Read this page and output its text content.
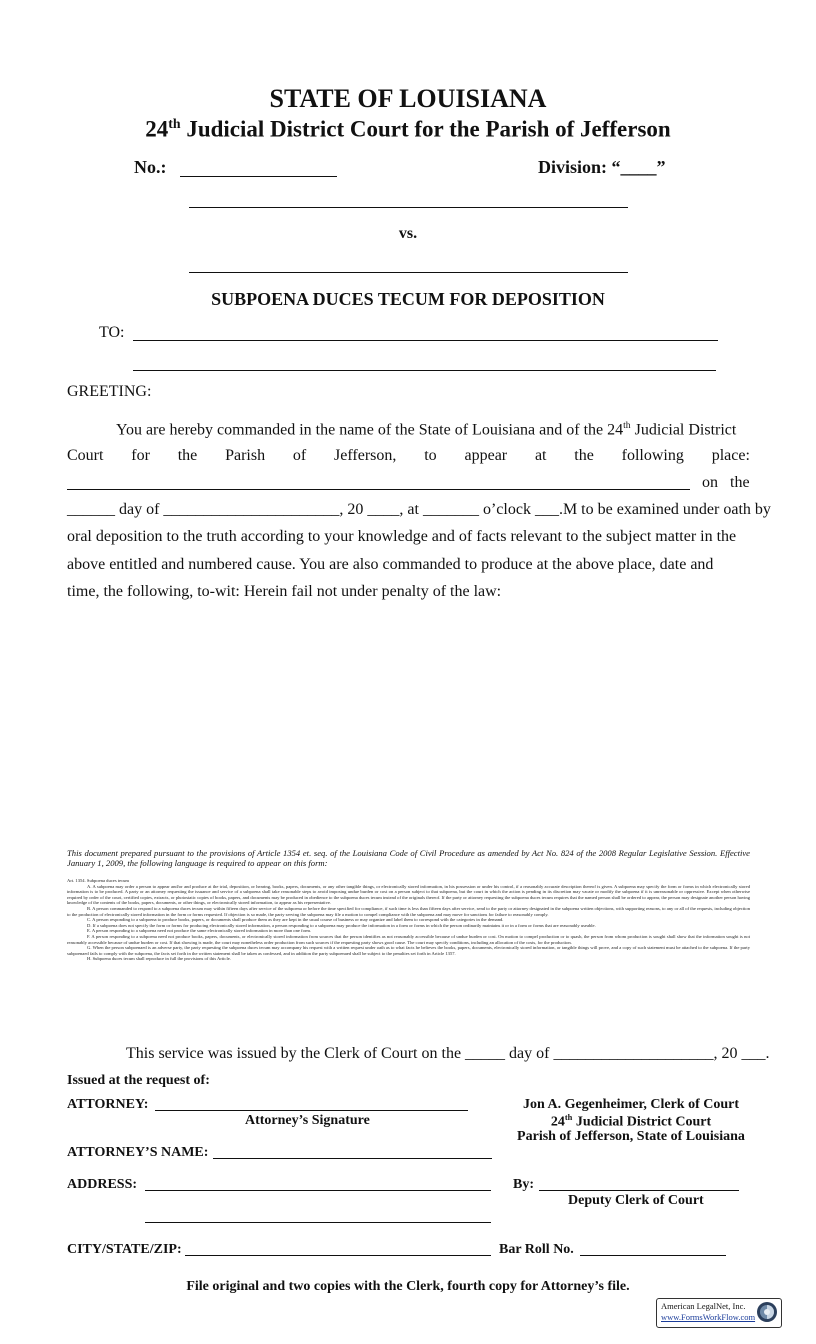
STATE OF LOUISIANA
24th Judicial District Court for the Parish of Jefferson
No.:	Division: “____”
vs.
SUBPOENA DUCES TECUM FOR DEPOSITION
TO:
GREETING:
You are hereby commanded in the name of the State of Louisiana and of the 24th Judicial District
Court for the Parish of Jefferson, to appear at the following place:
on the
______ day of ______________________, 20 ____, at _______ o’clock ___.M to be examined under oath by
oral deposition to the truth according to your knowledge and of facts relevant to the subject matter in the
above entitled and numbered cause. You are also commanded to produce at the above place, date and
time, the following, to-wit: Herein fail not under penalty of the law:
This document prepared pursuant to the provisions of Article 1354 et. seq. of the Louisiana Code of Civil Procedure as amended by Act No. 824 of the 2008 Regular Legislative Session. Effective January 1, 2009, the following language is required to appear on this form:

Art. 1354. Subpoena duces tecum

A. A subpoena may order a person to appear and/or and produce at the trial, deposition, or hearing, books, papers, documents, or any other tangible things, or electronically stored information, in his possession or under his control, if a reasonably accurate description thereof is given. A subpoena may specify the form or forms in which electronically stored information is to be produced. A party or an attorney requesting the issuance and service of a subpoena shall take reasonable steps to avoid imposing undue burden or cost on a person subject to that subpoena, but the court in which the action is pending in its discretion may vacate or modify the subpoena if it is unreasonable or oppressive. Except when otherwise required by order of the court, certified copies, extracts, or photostatic copies of books, papers, and documents may be produced in obedience to the subpoena duces tecum instead of the originals thereof. If the party or attorney requesting the subpoena duces tecum requires that the named person shall be ordered to appear, the person may designate another person having knowledge of the contents of the books, papers, documents, or other things, or electronically stored information, to appear as his representative.

B. A person commanded to respond to a subpoena duces tecum may within fifteen days after service of the subpoena or before the time specified for compliance, if such time is less than fifteen days after service, send to the party or attorney designated in the subpoena written objections, with supporting reasons, to any or all of the requests, including objection to the production of electronically stored information in the form or forms requested. If objection is so made, the party serving the subpoena may file a motion to compel compliance with the subpoena and may move for sanctions for failure to reasonably comply.

C. A person responding to a subpoena to produce books, papers, or documents shall produce them as they are kept in the usual course of business or may organize and label them to correspond with the categories in the demand.

D. If a subpoena does not specify the form or forms for producing electronically stored information, a person responding to a subpoena may produce the information in a form or forms in which the person ordinarily maintains it or in a form or forms that are reasonably useable.

E. A person responding to a subpoena need not produce the same electronically stored information in more than one form.

F. A person responding to a subpoena need not produce books, papers, documents, or electronically stored information from sources that the person identifies as not reasonably accessible because of undue burden or cost. On motion to compel production or to quash, the person from whom production is sought shall show that the information sought is not reasonably accessible because of undue burden or cost. If that showing is made, the court may nonetheless order production from such sources if the requesting party shows good cause. The court may specify conditions, including an allocation of the costs, for the production.

G. When the person subpoenaed is an adverse party, the party requesting the subpoena duces tecum may accompany his request with a written request under oath as to what facts he believes the books, papers, documents, electronically stored information, or tangible things will prove, and a copy of such statement must be attached to the subpoena. If the party subpoenaed fails to comply with the subpoena, the facts set forth in the written statement shall be taken as confessed, and in addition the party subpoenaed shall be subject to the penalties set forth in Article 1357.

H. Subpoena duces tecum shall reproduce in full the provisions of this Article.

This service was issued by the Clerk of Court on the _____ day of ____________________, 20 ___.
Issued at the request of:
ATTORNEY:
Attorney’s Signature
ATTORNEY’S NAME:
ADDRESS:
CITY/STATE/ZIP:	Bar Roll No.
Jon A. Gegenheimer, Clerk of Court
24th Judicial District Court
Parish of Jefferson, State of Louisiana
By:
Deputy Clerk of Court
File original and two copies with the Clerk, fourth copy for Attorney’s file.
American LegalNet, Inc.
www.FormsWorkFlow.com
